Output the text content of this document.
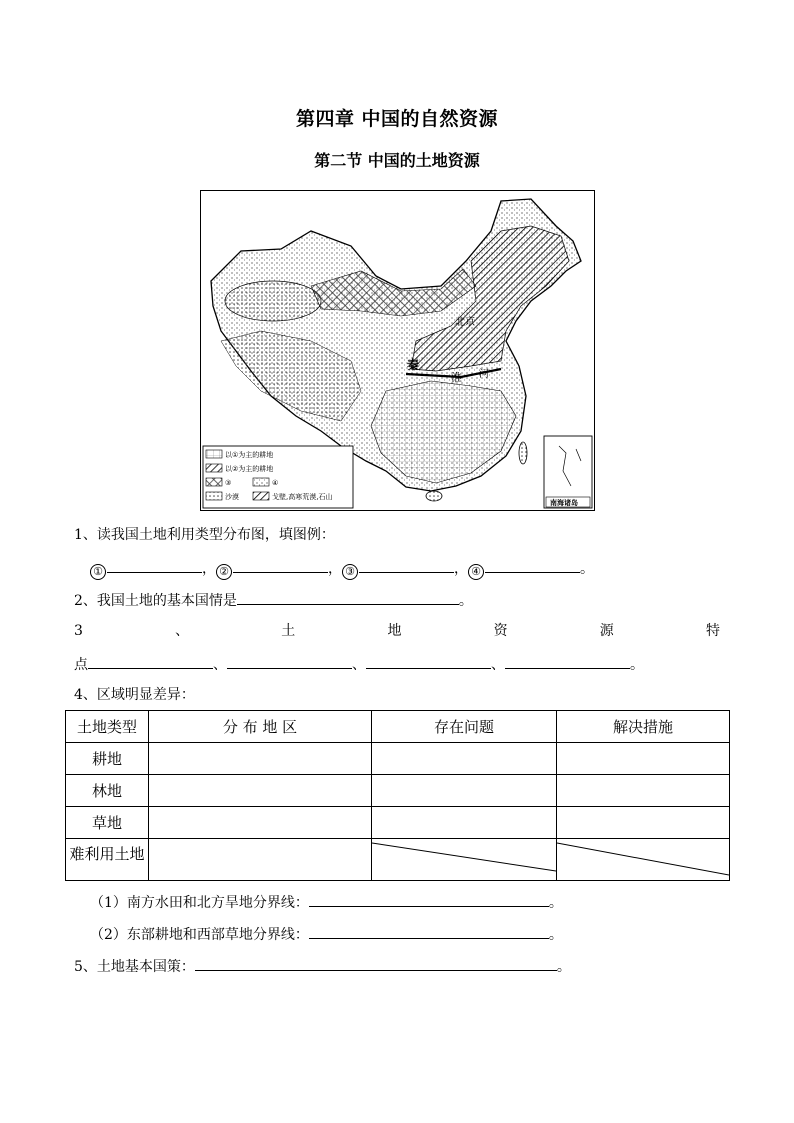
第四章 中国的自然资源
第二节 中国的土地资源
北京
秦
淮 河
南海诸岛
以①为主的耕地
以②为主的耕地
③	④
沙漠	戈壁,高寒荒漠,石山
1、读我国土地利用类型分布图，填图例：
①	， ②	， ③	， ④	。
2、我国土地的基本国情是	。
3	、	土	地	资	源	特
点	、	、	、	。
4、区域明显差异：
土地类型	分 布 地 区	存在问题	解决措施
耕地			
林地			
草地			
难利用土地		

（1）南方水田和北方旱地分界线：	。
（2）东部耕地和西部草地分界线：	。
5、土地基本国策：	。
